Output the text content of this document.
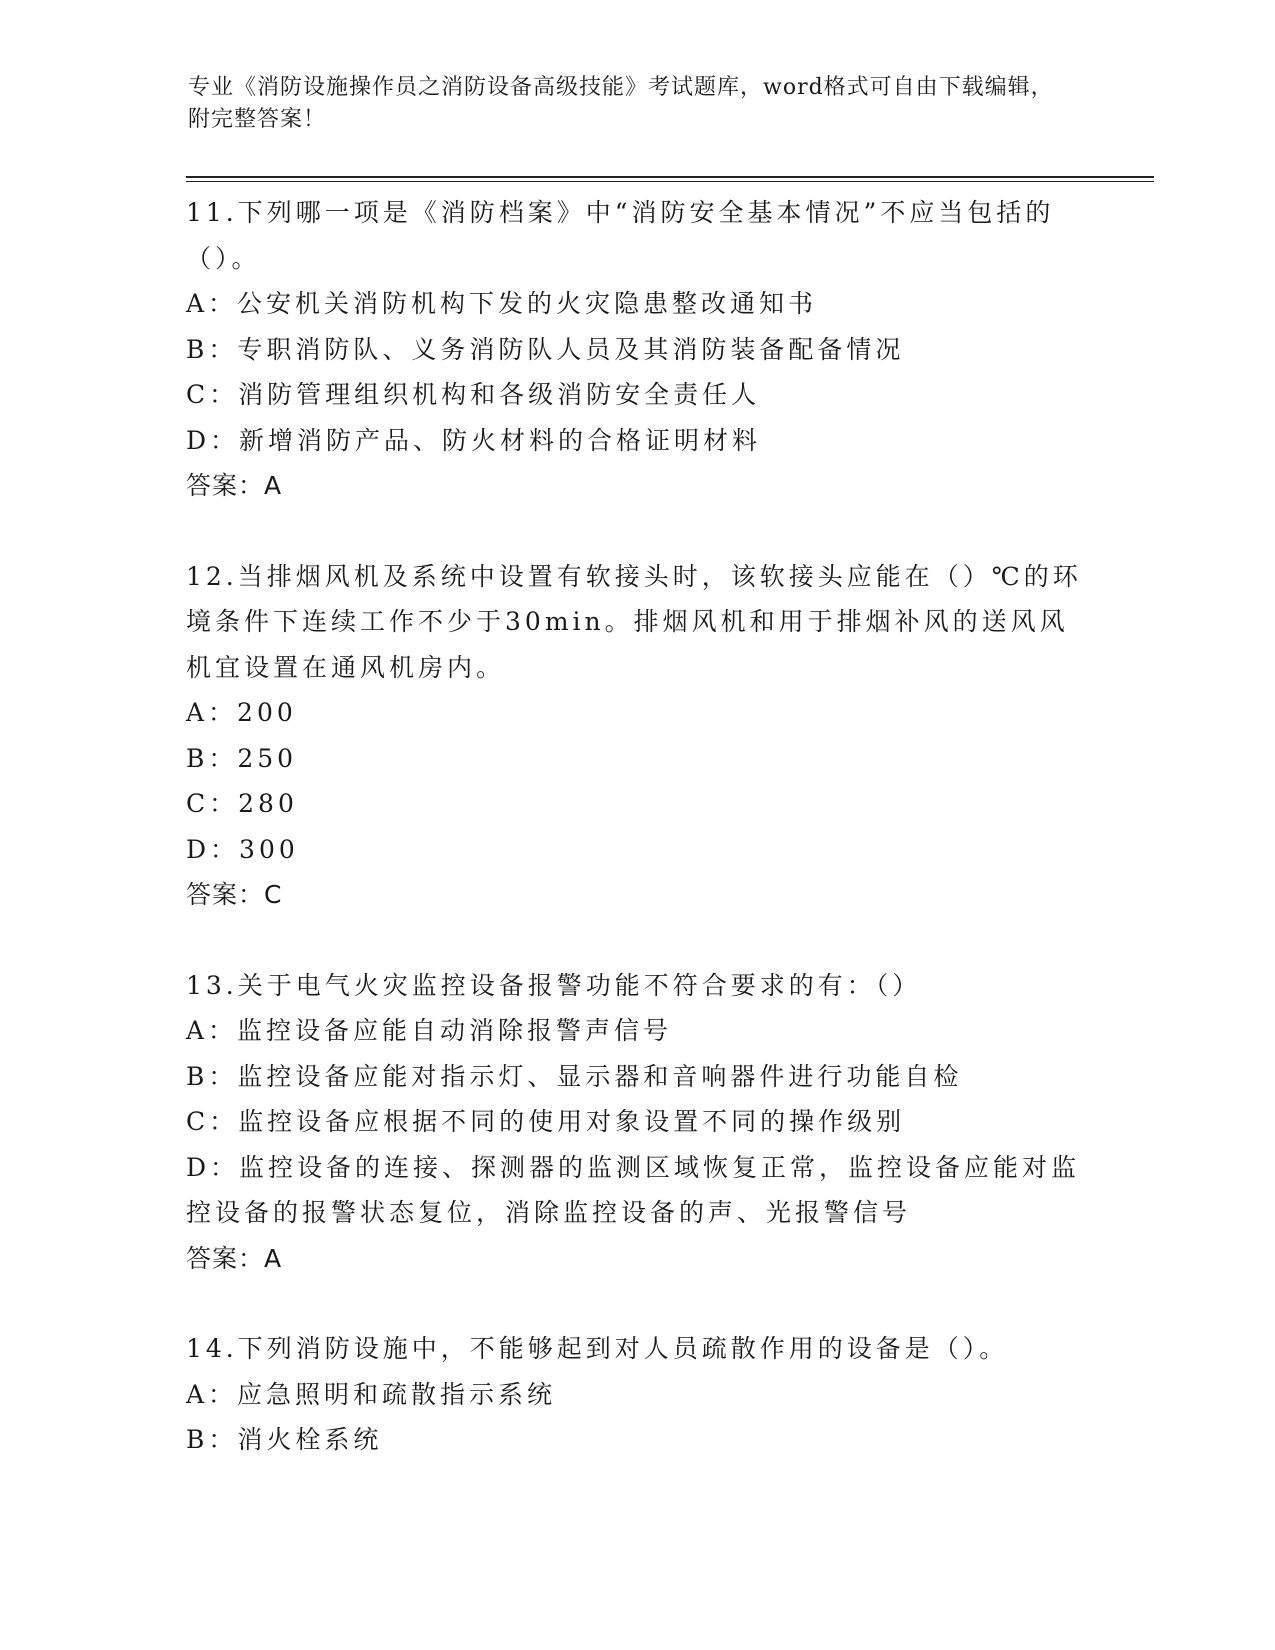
专业《消防设施操作员之消防设备高级技能》考试题库，word格式可自由下载编辑，附完整答案！

11.下列哪一项是《消防档案》中“消防安全基本情况”不应当包括的（）。

A：公安机关消防机构下发的火灾隐患整改通知书

B：专职消防队、义务消防队人员及其消防装备配备情况

C：消防管理组织机构和各级消防安全责任人

D：新增消防产品、防火材料的合格证明材料

答案：A

12.当排烟风机及系统中设置有软接头时，该软接头应能在（）℃的环境条件下连续工作不少于30min。排烟风机和用于排烟补风的送风风机宜设置在通风机房内。

A：200

B：250

C：280

D：300

答案：C

13.关于电气火灾监控设备报警功能不符合要求的有：（）

A：监控设备应能自动消除报警声信号

B：监控设备应能对指示灯、显示器和音响器件进行功能自检

C：监控设备应根据不同的使用对象设置不同的操作级别

D：监控设备的连接、探测器的监测区域恢复正常，监控设备应能对监控设备的报警状态复位，消除监控设备的声、光报警信号

答案：A

14.下列消防设施中，不能够起到对人员疏散作用的设备是（）。

A：应急照明和疏散指示系统

B：消火栓系统
